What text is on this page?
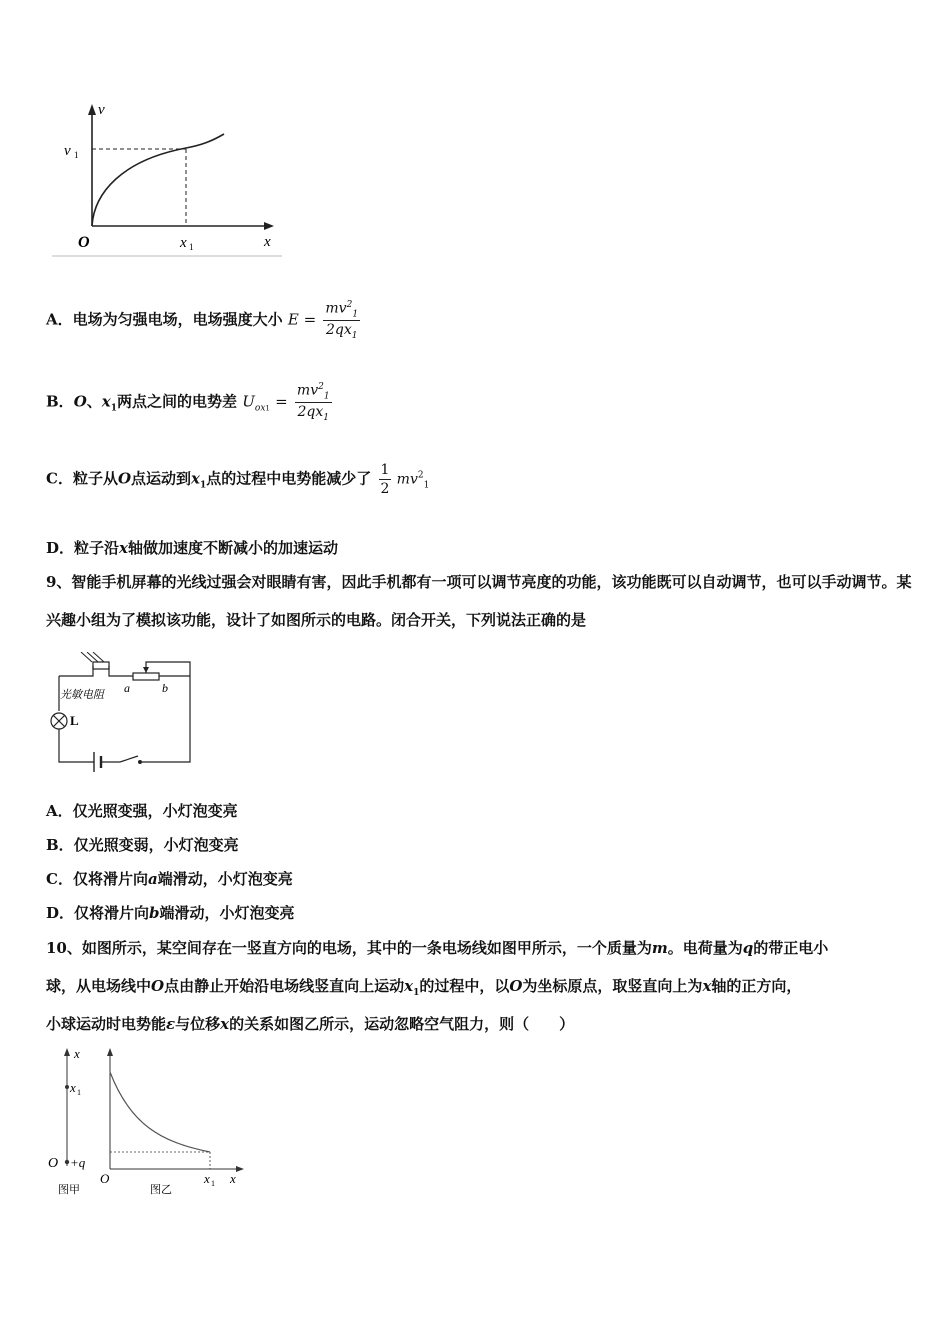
v
x
O
v 1
x 1
A．电场为匀强电场，电场强度大小 $E = \frac{mv^2_1}{2qx_1}$
B．O、$x_1$两点之间的电势差 $U_{ox1} = \frac{mv^2_1}{2qx_1}$
C．粒子从O点运动到$x_1$点的过程中电势能减少了 $\frac{1}{2} mv^2_1$
D．粒子沿x轴做加速度不断减小的加速运动
9、智能手机屏幕的光线过强会对眼睛有害，因此手机都有一项可以调节亮度的功能，该功能既可以自动调节，也可以手动调节。某兴趣小组为了模拟该功能，设计了如图所示的电路。闭合开关，下列说法正确的是
光敏电阻
L
a	b
A．仅光照变强，小灯泡变亮
B．仅光照变弱，小灯泡变亮
C．仅将滑片向a端滑动，小灯泡变亮
D．仅将滑片向b端滑动，小灯泡变亮
10、如图所示，某空间存在一竖直方向的电场，其中的一条电场线如图甲所示，一个质量为m。电荷量为q的带正电小
球，从电场线中O点由静止开始沿电场线竖直向上运动$x_1$的过程中，以O为坐标原点，取竖直向上为x轴的正方向，
小球运动时电势能ε与位移x的关系如图乙所示，运动忽略空气阻力，则（　　）
x
x 1
O +q
图甲
O	x 1 x
图乙
